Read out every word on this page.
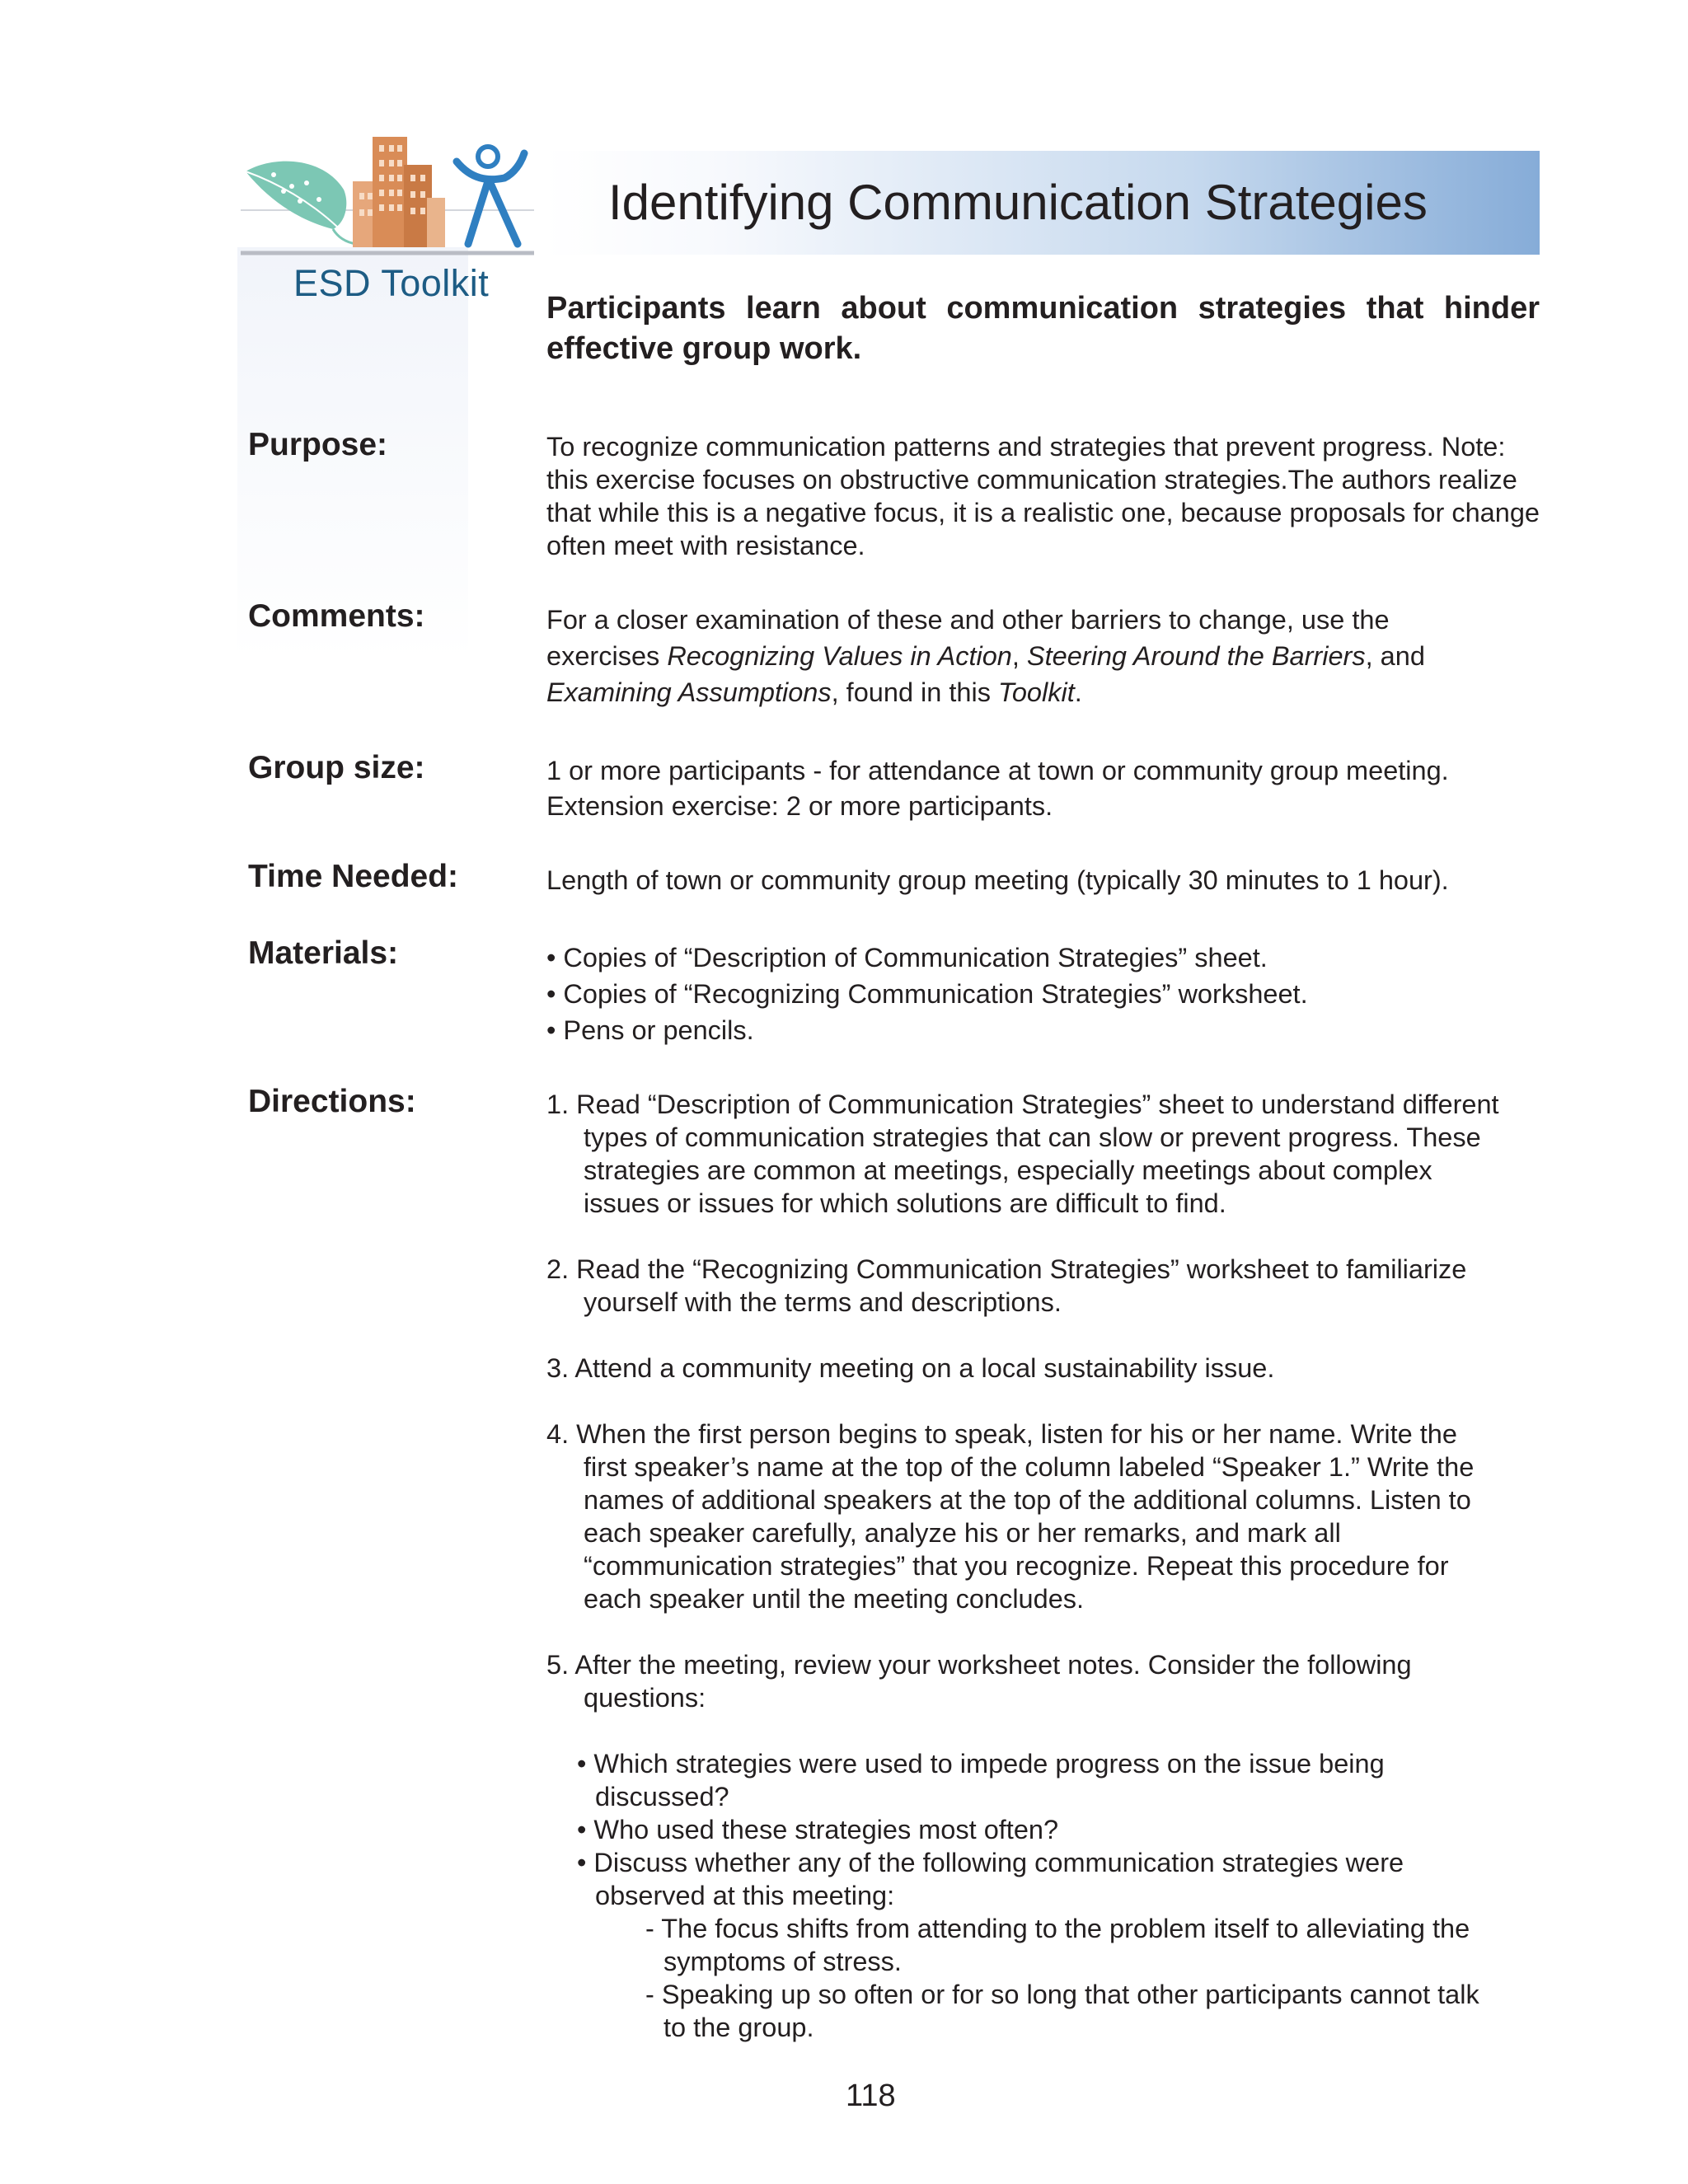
ESD Toolkit
Identifying Communication Strategies
Participants learn about communication strategies that hinder effective group work.
Purpose:	To recognize communication patterns and strategies that prevent progress. Note:
this exercise focuses on obstructive communication strategies.The authors realize
that while this is a negative focus, it is a realistic one, because proposals for change
often meet with resistance.
Comments:	For a closer examination of these and other barriers to change, use the
exercises Recognizing Values in Action, Steering Around the Barriers, and
Examining Assumptions, found in this Toolkit.
Group size:	1 or more participants - for attendance at town or community group meeting.
Extension exercise: 2 or more participants.
Time Needed:	Length of town or community group meeting (typically 30 minutes to 1 hour).
Materials:	• Copies of “Description of Communication Strategies” sheet.
• Copies of “Recognizing Communication Strategies” worksheet.
• Pens or pencils.
Directions:	1. Read “Description of Communication Strategies” sheet to understand different
types of communication strategies that can slow or prevent progress. These
strategies are common at meetings, especially meetings about complex
issues or issues for which solutions are difficult to find.
2. Read the “Recognizing Communication Strategies” worksheet to familiarize
yourself with the terms and descriptions.
3. Attend a community meeting on a local sustainability issue.
4. When the first person begins to speak, listen for his or her name. Write the
first speaker’s name at the top of the column labeled “Speaker 1.” Write the
names of additional speakers at the top of the additional columns. Listen to
each speaker carefully, analyze his or her remarks, and mark all
“communication strategies” that you recognize. Repeat this procedure for
each speaker until the meeting concludes.
5. After the meeting, review your worksheet notes. Consider the following
questions:
• Which strategies were used to impede progress on the issue being
discussed?
• Who used these strategies most often?
• Discuss whether any of the following communication strategies were
observed at this meeting:
- The focus shifts from attending to the problem itself to alleviating the
symptoms of stress.
- Speaking up so often or for so long that other participants cannot talk
to the group.
118
